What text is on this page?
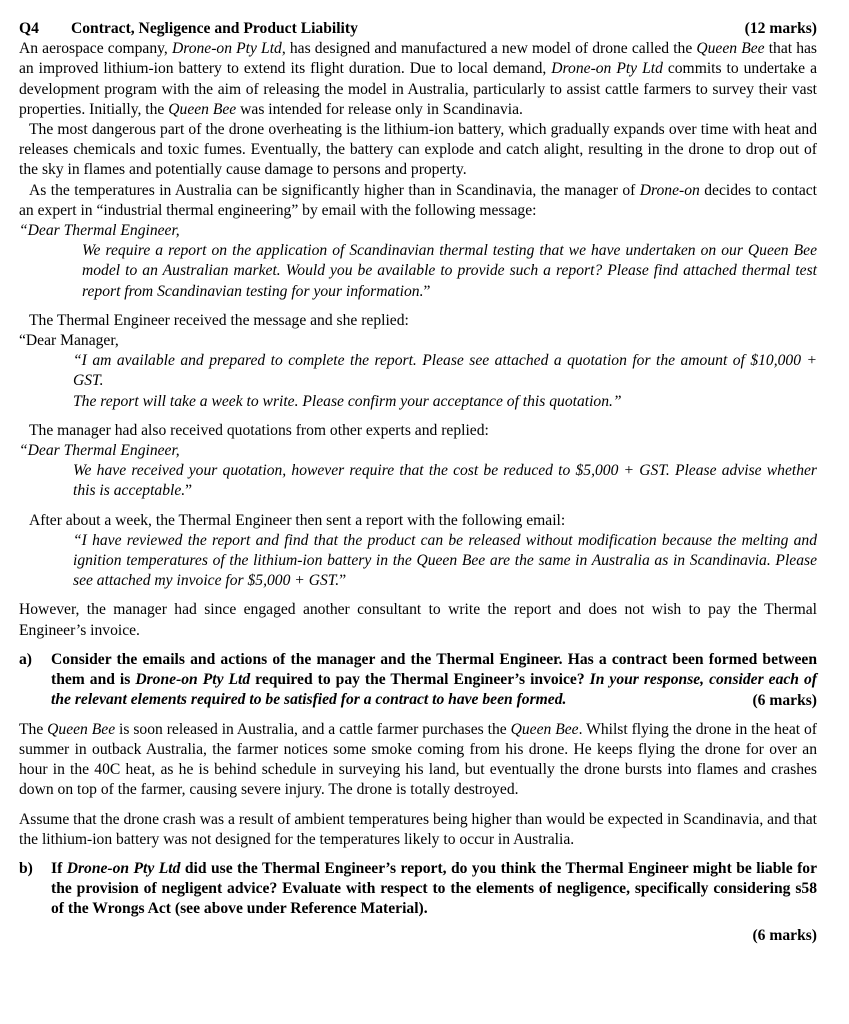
Q4 Contract, Negligence and Product Liability	(12 marks)

An aerospace company, Drone-on Pty Ltd, has designed and manufactured a new model of drone called the Queen Bee that has an improved lithium-ion battery to extend its flight duration. Due to local demand, Drone-on Pty Ltd commits to undertake a development program with the aim of releasing the model in Australia, particularly to assist cattle farmers to survey their vast properties. Initially, the Queen Bee was intended for release only in Scandinavia.

The most dangerous part of the drone overheating is the lithium-ion battery, which gradually expands over time with heat and releases chemicals and toxic fumes. Eventually, the battery can explode and catch alight, resulting in the drone to drop out of the sky in flames and potentially cause damage to persons and property.

As the temperatures in Australia can be significantly higher than in Scandinavia, the manager of Drone-on decides to contact an expert in “industrial thermal engineering” by email with the following message:

“Dear Thermal Engineer,

We require a report on the application of Scandinavian thermal testing that we have undertaken on our Queen Bee model to an Australian market. Would you be available to provide such a report? Please find attached thermal test report from Scandinavian testing for your information.”

The Thermal Engineer received the message and she replied:

“Dear Manager,

“I am available and prepared to complete the report. Please see attached a quotation for the amount of $10,000 + GST.

The report will take a week to write. Please confirm your acceptance of this quotation.”

The manager had also received quotations from other experts and replied:

“Dear Thermal Engineer,

We have received your quotation, however require that the cost be reduced to $5,000 + GST. Please advise whether this is acceptable.”

After about a week, the Thermal Engineer then sent a report with the following email:

“I have reviewed the report and find that the product can be released without modification because the melting and ignition temperatures of the lithium-ion battery in the Queen Bee are the same in Australia as in Scandinavia. Please see attached my invoice for $5,000 + GST.”

However, the manager had since engaged another consultant to write the report and does not wish to pay the Thermal Engineer’s invoice.

a)	Consider the emails and actions of the manager and the Thermal Engineer. Has a contract been formed between them and is Drone-on Pty Ltd required to pay the Thermal Engineer’s invoice? In your response, consider each of the relevant elements required to be satisfied for a contract to have been formed.	(6 marks)

The Queen Bee is soon released in Australia, and a cattle farmer purchases the Queen Bee. Whilst flying the drone in the heat of summer in outback Australia, the farmer notices some smoke coming from his drone. He keeps flying the drone for over an hour in the 40C heat, as he is behind schedule in surveying his land, but eventually the drone bursts into flames and crashes down on top of the farmer, causing severe injury. The drone is totally destroyed.

Assume that the drone crash was a result of ambient temperatures being higher than would be expected in Scandinavia, and that the lithium-ion battery was not designed for the temperatures likely to occur in Australia.

b)	If Drone-on Pty Ltd did use the Thermal Engineer’s report, do you think the Thermal Engineer might be liable for the provision of negligent advice? Evaluate with respect to the elements of negligence, specifically considering s58 of the Wrongs Act (see above under Reference Material).

(6 marks)
